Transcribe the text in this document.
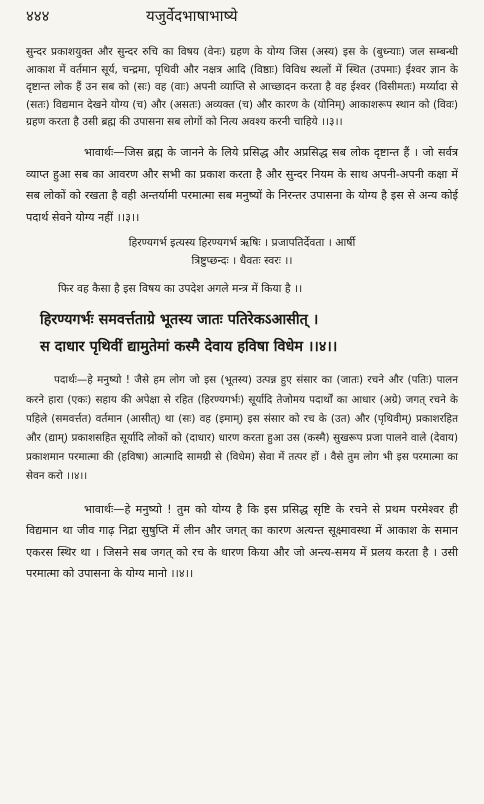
४४४	यजुर्वेदभाषाभाष्ये

सुन्दर प्रकाशयुक्त और सुन्दर रुचि का विषय (वेनः) ग्रहण के योग्य जिस (अस्य) इस के (बुध्न्याः) जल सम्बन्धी आकाश में वर्तमान सूर्य, चन्द्रमा, पृथिवी और नक्षत्र आदि (विष्ठाः) विविध स्थलों में स्थित (उपमाः) ईश्वर ज्ञान के दृष्टान्त लोक हैं उन सब को (सः) वह (वाः) अपनी व्याप्ति से आच्छादन करता है वह ईश्वर (विसीमतः) मर्य्यादा से (सतः) विद्यमान देखने योग्य (च) और (असतः) अव्यक्त (च) और कारण के (योनिम्) आकाशरूप स्थान को (विवः) ग्रहण करता है उसी ब्रह्म की उपासना सब लोगों को नित्य अवश्य करनी चाहिये ।।३।।

भावार्थः—जिस ब्रह्म के जानने के लिये प्रसिद्ध और अप्रसिद्ध सब लोक दृष्टान्त हैं । जो सर्वत्र व्याप्त हुआ सब का आवरण और सभी का प्रकाश करता है और सुन्दर नियम के साथ अपनी-अपनी कक्षा में सब लोकों को रखता है वही अन्तर्यामी परमात्मा सब मनुष्यों के निरन्तर उपासना के योग्य है इस से अन्य कोई पदार्थ सेवने योग्य नहीं ।।३।।

हिरण्यगर्भ इत्यस्य हिरण्यगर्भ ऋषिः । प्रजापतिर्देवता । आर्षी
त्रिष्टुप्छन्दः । धैवतः स्वरः ।।
फिर वह कैसा है इस विषय का उपदेश अगले मन्त्र में किया है ।।
हिरण्यगर्भः समवर्त्तताग्रे भूतस्य जातः पतिरेकऽआसीत् ।
स दाधार पृथिवीं द्यामुतेमां कस्मै देवाय हविषा विधेम ।।४।।

पदार्थः—हे मनुष्यो ! जैसे हम लोग जो इस (भूतस्य) उत्पन्न हुए संसार का (जातः) रचने और (पतिः) पालन करने हारा (एकः) सहाय की अपेक्षा से रहित (हिरण्यगर्भः) सूर्यादि तेजोमय पदार्थों का आधार (अग्रे) जगत् रचने के पहिले (समवर्त्तत) वर्तमान (आसीत्) था (सः) वह (इमाम्) इस संसार को रच के (उत) और (पृथिवीम्) प्रकाशरहित और (द्याम्) प्रकाशसहित सूर्यादि लोकों को (दाधार) धारण करता हुआ उस (कस्मै) सुखरूप प्रजा पालने वाले (देवाय) प्रकाशमान परमात्मा की (हविषा) आत्मादि सामग्री से (विधेम) सेवा में तत्पर हों । वैसे तुम लोग भी इस परमात्मा का सेवन करो ।।४।।

भावार्थः—हे मनुष्यो ! तुम को योग्य है कि इस प्रसिद्ध सृष्टि के रचने से प्रथम परमेश्वर ही विद्यमान था जीव गाढ़ निद्रा सुषुप्ति में लीन और जगत् का कारण अत्यन्त सूक्ष्मावस्था में आकाश के समान एकरस स्थिर था । जिसने सब जगत् को रच के धारण किया और जो अन्त्य-समय में प्रलय करता है । उसी परमात्मा को उपासना के योग्य मानो ।।४।।
